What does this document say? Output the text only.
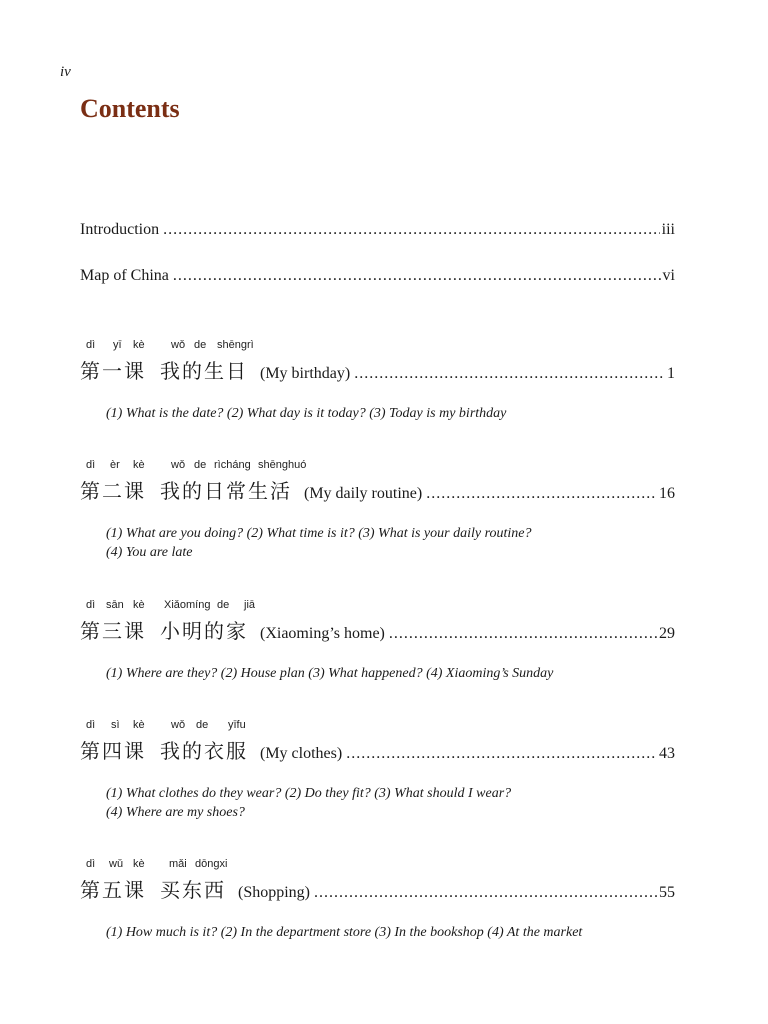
iv
Contents
Introduction .....	iii
Map of China .....	vi
dì yī kè wǒ de shēngrì
第一课 我的生日 (My birthday) .....	1
(1) What is the date? (2) What day is it today? (3) Today is my birthday
dì èr kè wǒ de rìcháng shēnghuó
第二课 我的日常生活 (My daily routine) .....	16
(1) What are you doing? (2) What time is it? (3) What is your daily routine?
(4) You are late
dì sān kè Xiǎomíng de jiā
第三课 小明的家 (Xiaoming’s home) .....	29
(1) Where are they? (2) House plan (3) What happened? (4) Xiaoming’s Sunday
dì sì kè wǒ de yīfu
第四课 我的衣服 (My clothes) .....	43
(1) What clothes do they wear? (2) Do they fit? (3) What should I wear?
(4) Where are my shoes?
dì wǔ kè mǎi dōngxi
第五课 买东西 (Shopping) .....	55
(1) How much is it? (2) In the department store (3) In the bookshop (4) At the market
